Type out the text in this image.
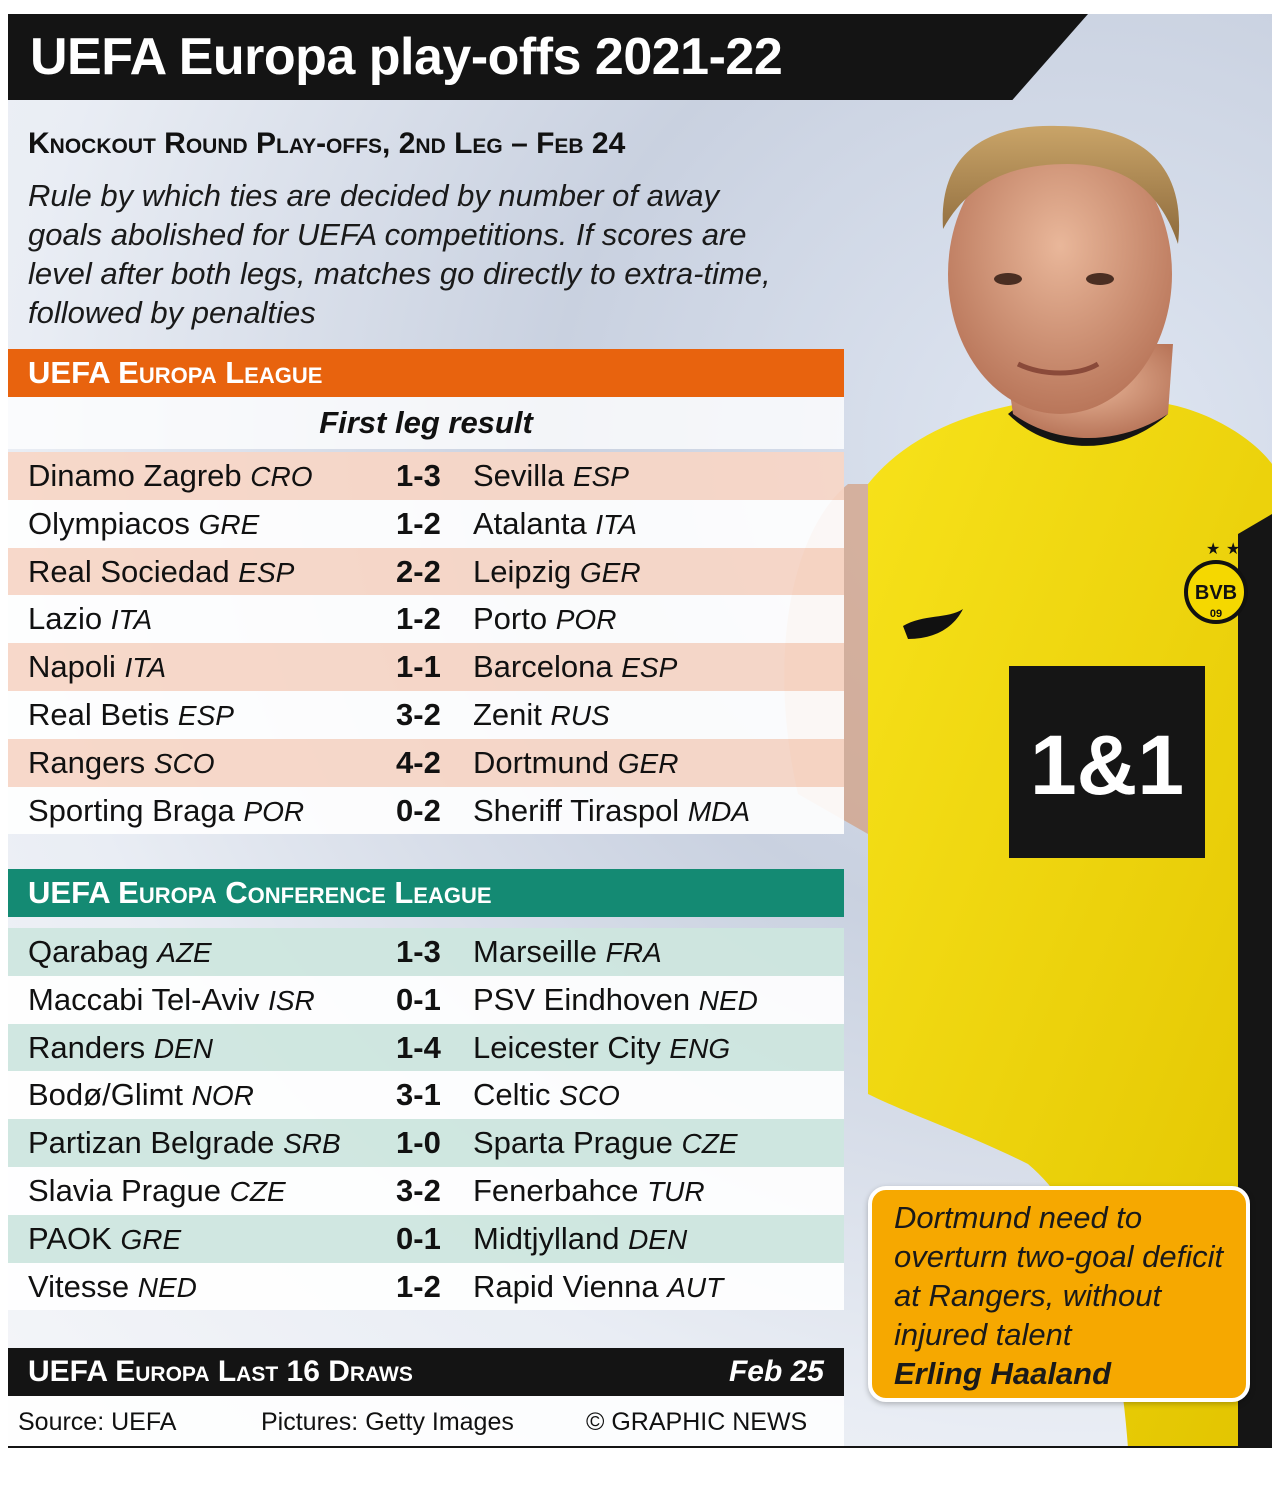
BVB
09
★ ★
1&1
UEFA Europa play-offs 2021-22
Knockout Round Play-offs, 2nd Leg – Feb 24
Rule by which ties are decided by number of away goals abolished for UEFA competitions. If scores are level after both legs, matches go directly to extra-time, followed by penalties
UEFA Europa League
First leg result
Dinamo Zagreb CRO	1-3 Sevilla ESP
Olympiacos GRE	1-2 Atalanta ITA
Real Sociedad ESP	2-2 Leipzig GER
Lazio ITA	1-2 Porto POR
Napoli ITA	1-1 Barcelona ESP
Real Betis ESP	3-2 Zenit RUS
Rangers SCO	4-2 Dortmund GER
Sporting Braga POR	0-2 Sheriff Tiraspol MDA
UEFA Europa Conference League
Qarabag AZE	1-3 Marseille FRA
Maccabi Tel-Aviv ISR	0-1 PSV Eindhoven NED
Randers DEN	1-4 Leicester City ENG
Bodø/Glimt NOR	3-1 Celtic SCO
Partizan Belgrade SRB 1-0 Sparta Prague CZE
Slavia Prague CZE	3-2 Fenerbahce TUR
PAOK GRE	0-1 Midtjylland DEN
Vitesse NED	1-2 Rapid Vienna AUT
UEFA Europa Last 16 Draws	Feb 25
Source: UEFA	Pictures: Getty Images	© GRAPHIC NEWS
Dortmund need to overturn two-goal deficit at Rangers, without injured talent
Erling Haaland
